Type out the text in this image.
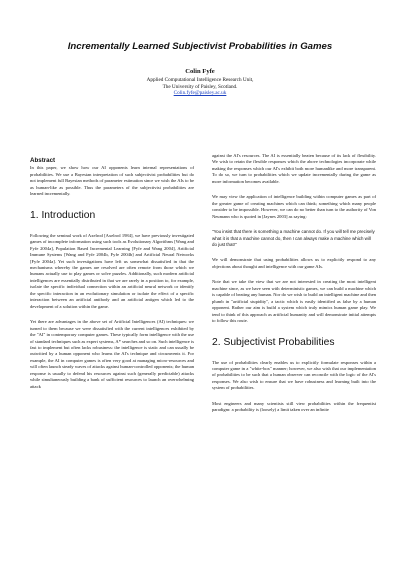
Incrementally Learned Subjectivist Probabilities in Games
Colin Fyfe
Applied Computational Intelligence Research Unit,
The University of Paisley, Scotland.
Colin.fyfe@paisley.ac.uk
Abstract

In this paper, we show how our AI opponents learn internal representations of probabilities. We use a Bayesian interpretation of such subjectivist probabilities but do not implement full Bayesian methods of parameter estimation since we wish the AIs to be as human-like as possible. Thus the parameters of the subjectivist probabilities are learned incrementally.

1. Introduction

Following the seminal work of Axelrod [Axelrod 1984], we have previously investigated games of incomplete information using such tools as Evolutionary Algorithms [Wang and Fyfe 2004a], Population Based Incremental Learning [Fyfe and Wang 2004], Artificial Immune Systems [Wang and Fyfe 2004b, Fyfe 2004b] and Artificial Neural Networks [Fyfe 2004a]. Yet such investigations have left us somewhat dissatisfied in that the mechanisms whereby the games are resolved are often remote from those which we humans actually use to play games or solve puzzles. Additionally, such modern artificial intelligences are essentially distributed in that we are rarely in a position to, for example, isolate the specific individual connection within an artificial neural network or identify the specific interaction in an evolutionary simulation or isolate the effect of a specific interaction between an artificial antibody and an artificial antigen which led to the development of a solution within the game.

Yet there are advantages in the above set of Artificial Intelligences (AI) techniques: we turned to them because we were dissatisfied with the current intelligences exhibited by the "AI" in contemporary computer games. These typically form intelligence with the use of standard techniques such as expert systems, A* searches and so on. Such intelligence is fast to implement but often lacks robustness: the intelligence is static and can usually be outwitted by a human opponent who learns the AI's technique and circumvents it. For example, the AI in computer games is often very good at managing micro-resources and will often launch steady waves of attacks against human-controlled opponents; the human response is usually to defend his resources against such (generally predictable) attacks while simultaneously building a bank of sufficient resources to launch an overwhelming attack

against the AI's resources. The AI is essentially beaten because of its lack of flexibility. We wish to retain the flexible responses which the above technologies incorporate while making the responses which our AI's exhibit both more humanlike and more transparent. To do so, we turn to probabilities which we update incrementally during the game as more information becomes available.

We may view the application of intelligence building within computer games as part of the greater game of creating machines which can think; something which many people consider to be impossible. However, we can do no better than turn to the authority of Von Neumann who is quoted in [Jaynes 2003] as saying:

"You insist that there is something a machine cannot do. If you will tell me precisely what it is that a machine cannot do, then I can always make a machine which will do just that!"

We will demonstrate that using probabilities allows us to explicitly respond to any objections about thought and intelligence with our game AIs.

Note that we take the view that we are not interested in creating the most intelligent machine since, as we have seen with deterministic games, we can build a machine which is capable of beating any human. Nor do we wish to build an intelligent machine and then plumb in "artificial stupidity", a tactic which is easily identified as false by a human opponent. Rather our aim is build a system which truly mimics human game play. We tend to think of this approach as artificial humanity and will demonstrate initial attempts to follow this route.

2. Subjectivist Probabilities

The use of probabilities clearly enables us to explicitly formulate responses within a computer game in a "white-box" manner; however, we also wish that our implementation of probabilities to be such that a human observer can reconcile with the logic of the AI's responses. We also wish to ensure that we have robustness and learning built into the system of probabilities.

Most engineers and many scientists still view probabilities within the frequentist paradigm: a probability is (loosely) a limit taken over an infinite
